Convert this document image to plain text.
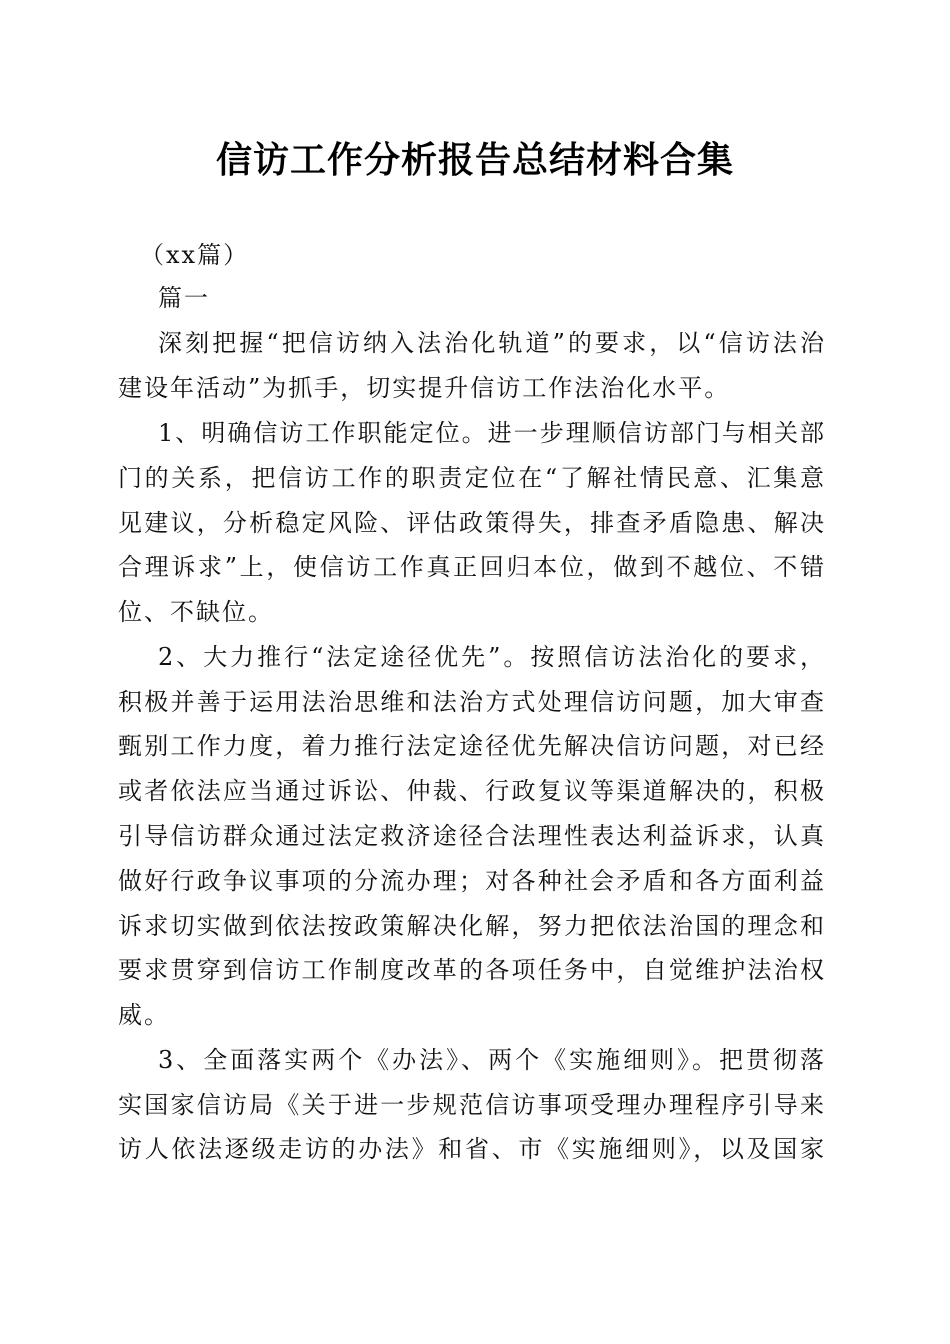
信访工作分析报告总结材料合集
（xx篇）
篇一
深刻把握“把信访纳入法治化轨道”的要求，以“信访法治
建设年活动”为抓手，切实提升信访工作法治化水平。
1、明确信访工作职能定位。进一步理顺信访部门与相关部
门的关系，把信访工作的职责定位在“了解社情民意、汇集意
见建议，分析稳定风险、评估政策得失，排查矛盾隐患、解决
合理诉求”上，使信访工作真正回归本位，做到不越位、不错
位、不缺位。
2、大力推行“法定途径优先”。按照信访法治化的要求，
积极并善于运用法治思维和法治方式处理信访问题，加大审查
甄别工作力度，着力推行法定途径优先解决信访问题，对已经
或者依法应当通过诉讼、仲裁、行政复议等渠道解决的，积极
引导信访群众通过法定救济途径合法理性表达利益诉求，认真
做好行政争议事项的分流办理；对各种社会矛盾和各方面利益
诉求切实做到依法按政策解决化解，努力把依法治国的理念和
要求贯穿到信访工作制度改革的各项任务中，自觉维护法治权
威。
3、全面落实两个《办法》、两个《实施细则》。把贯彻落
实国家信访局《关于进一步规范信访事项受理办理程序引导来
访人依法逐级走访的办法》和省、市《实施细则》，以及国家
